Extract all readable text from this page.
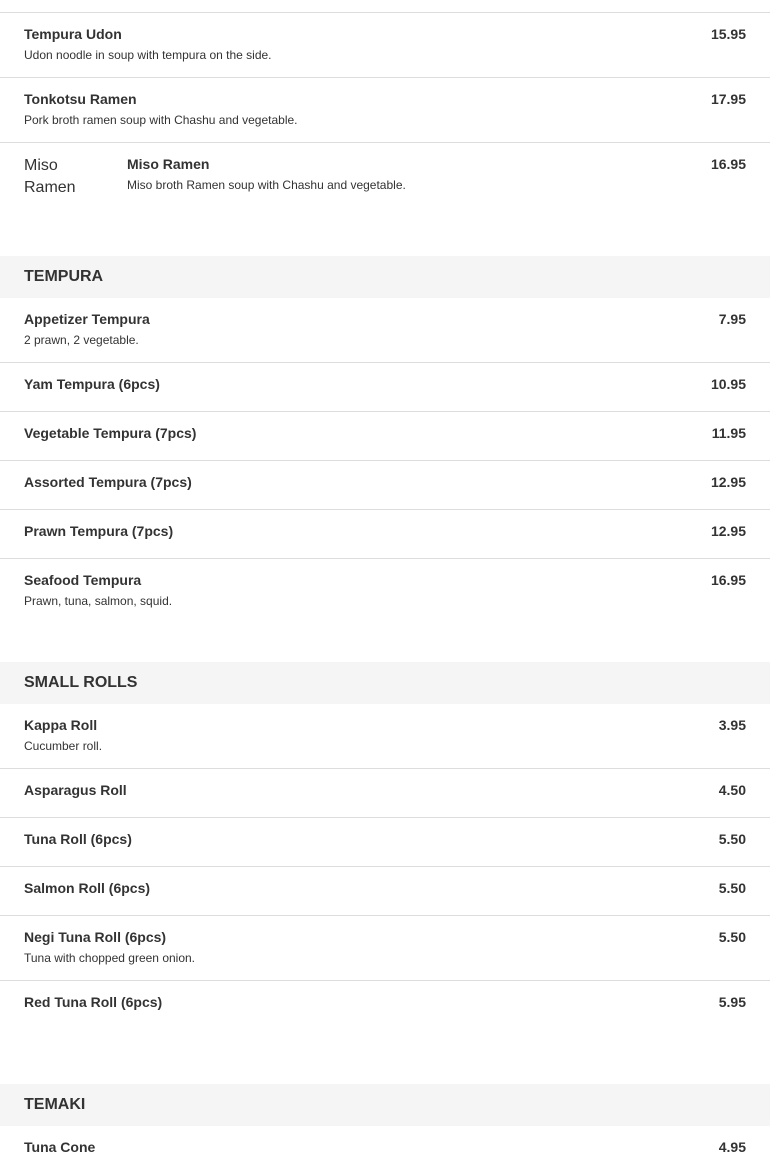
Tempura Udon
Udon noodle in soup with tempura on the side.
15.95
Tonkotsu Ramen
Pork broth ramen soup with Chashu and vegetable.
17.95
Miso Ramen
Miso Ramen
Miso broth Ramen soup with Chashu and vegetable.
16.95
TEMPURA
Appetizer Tempura
2 prawn, 2 vegetable.
7.95
Yam Tempura (6pcs)	10.95
Vegetable Tempura (7pcs)	11.95
Assorted Tempura (7pcs)	12.95
Prawn Tempura (7pcs)	12.95
Seafood Tempura
Prawn, tuna, salmon, squid.
16.95
SMALL ROLLS
Kappa Roll
Cucumber roll.
3.95
Asparagus Roll	4.50
Tuna Roll (6pcs)	5.50
Salmon Roll (6pcs)	5.50
Negi Tuna Roll (6pcs)
Tuna with chopped green onion.
5.50
Red Tuna Roll (6pcs)	5.95
TEMAKI
Tuna Cone	4.95
